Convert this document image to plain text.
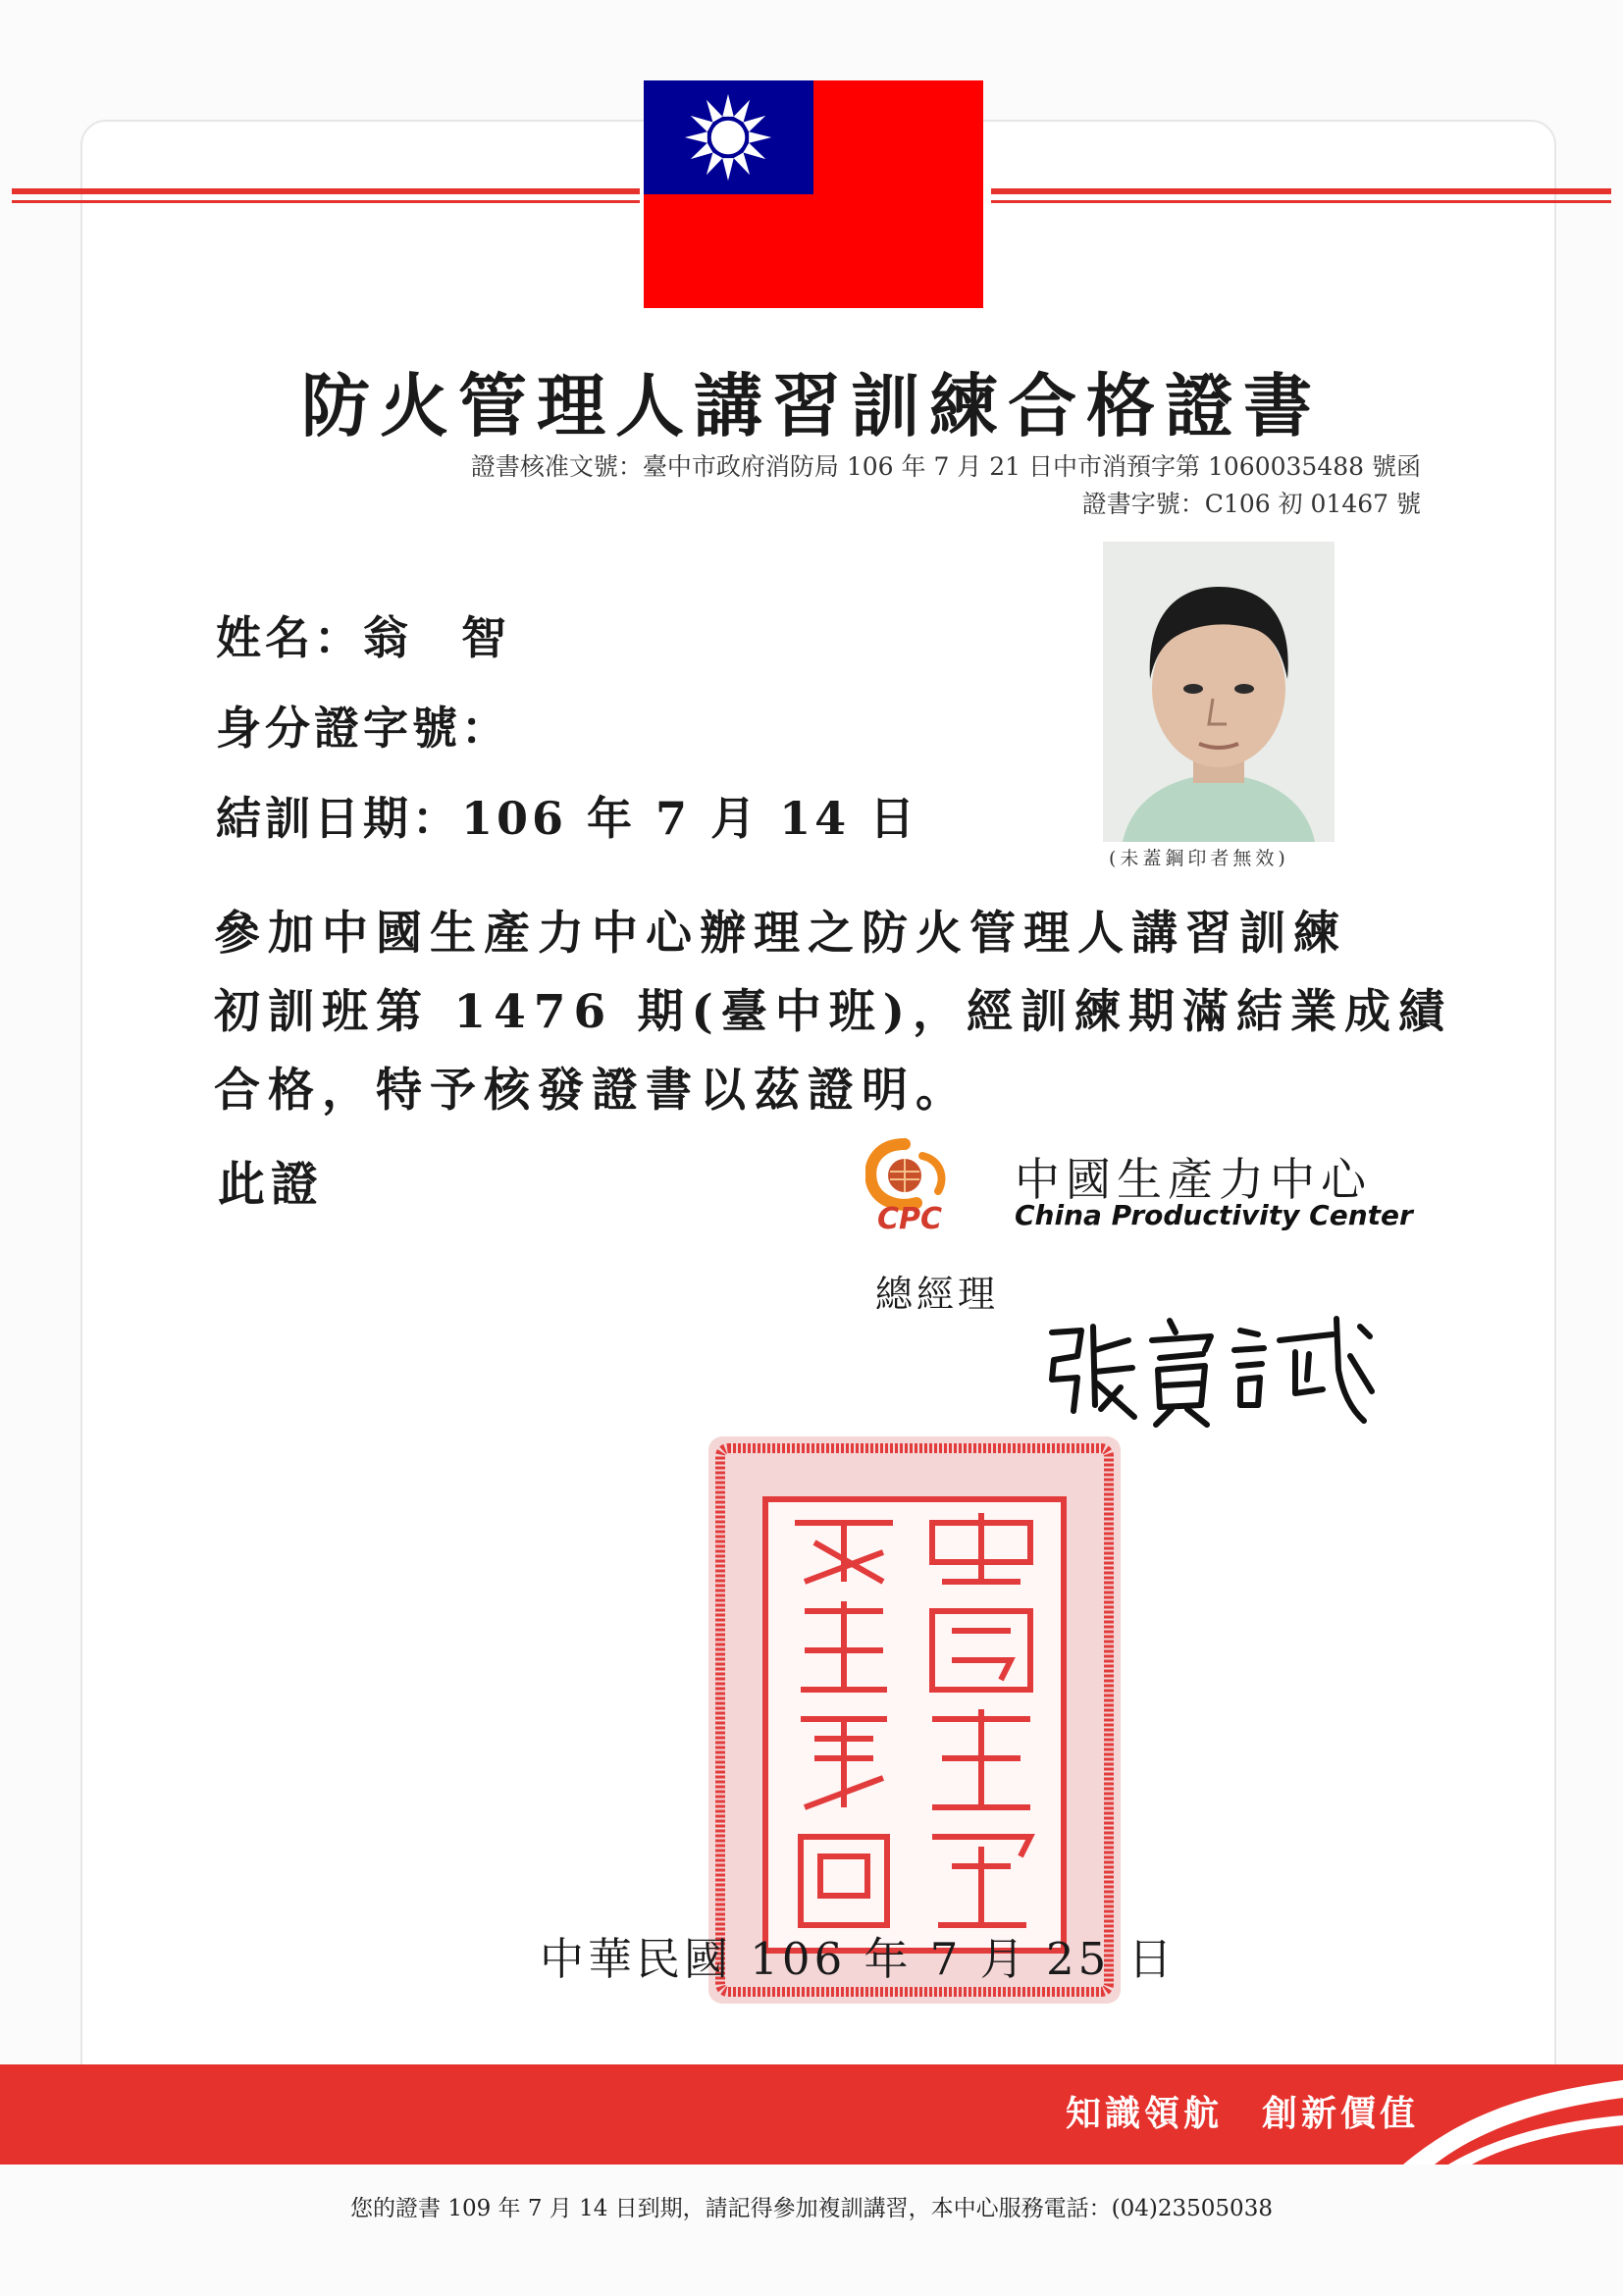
防火管理人講習訓練合格證書
證書核准文號：臺中市政府消防局 106 年 7 月 21 日中市消預字第 1060035488 號函
證書字號：C106 初 01467 號
姓名：翁　智
身分證字號：
結訓日期：106 年 7 月 14 日
(未蓋鋼印者無效)
參加中國生產力中心辦理之防火管理人講習訓練
初訓班第 1476 期(臺中班)，經訓練期滿結業成績
合格，特予核發證書以茲證明。
此證
CPC
中國生產力中心
China Productivity Center
總經理
中華民國 106 年 7 月 25 日
知識領航　創新價值
您的證書 109 年 7 月 14 日到期，請記得參加複訓講習，本中心服務電話：(04)23505038
